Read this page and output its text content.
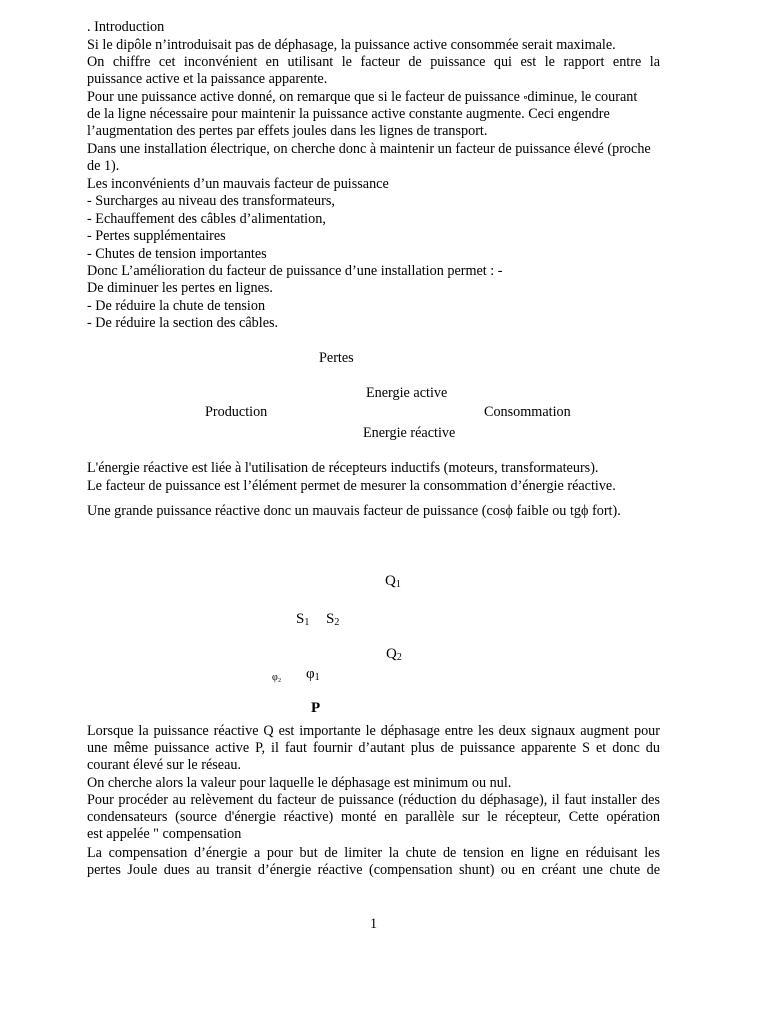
. Introduction
Si le dipôle n’introduisait pas de déphasage, la puissance active consommée serait maximale.
On chiffre cet inconvénient en utilisant le facteur de puissance qui est le rapport entre la
puissance active et la paissance apparente.
Pour une puissance active donné, on remarque que si le facteur de puissance ⬞diminue, le courant
de la ligne nécessaire pour maintenir la puissance active constante augmente. Ceci engendre
l’augmentation des pertes par effets joules dans les lignes de transport.
Dans une installation électrique, on cherche donc à maintenir un facteur de puissance élevé (proche
de 1).
Les inconvénients d’un mauvais facteur de puissance
- Surcharges au niveau des transformateurs,
- Echauffement des câbles d’alimentation,
- Pertes supplémentaires
- Chutes de tension importantes
Donc L’amélioration du facteur de puissance d’une installation permet : -
De diminuer les pertes en lignes.
- De réduire la chute de tension
- De réduire la section des câbles.
Pertes
Energie active
Production	Consommation
Energie réactive
L'énergie réactive est liée à l'utilisation de récepteurs inductifs (moteurs, transformateurs).
Le facteur de puissance est l’élément permet de mesurer la consommation d’énergie réactive.
Une grande puissance réactive donc un mauvais facteur de puissance (cosϕ faible ou tgϕ fort).
$Q_1$
$S_1$ $S_2$
$Q_2$
φ₂ $\varphi_1$
P
Lorsque la puissance réactive Q est importante le déphasage entre les deux signaux augment pour
une même puissance active P, il faut fournir d’autant plus de puissance apparente S et donc du
courant élevé sur le réseau.
On cherche alors la valeur pour laquelle le déphasage est minimum ou nul.
Pour procéder au relèvement du facteur de puissance (réduction du déphasage), il faut installer des
condensateurs (source d'énergie réactive) monté en parallèle sur le récepteur, Cette opération
est appelée " compensation
La compensation d’énergie a pour but de limiter la chute de tension en ligne en réduisant les
pertes Joule dues au transit d’énergie réactive (compensation shunt) ou en créant une chute de
1
